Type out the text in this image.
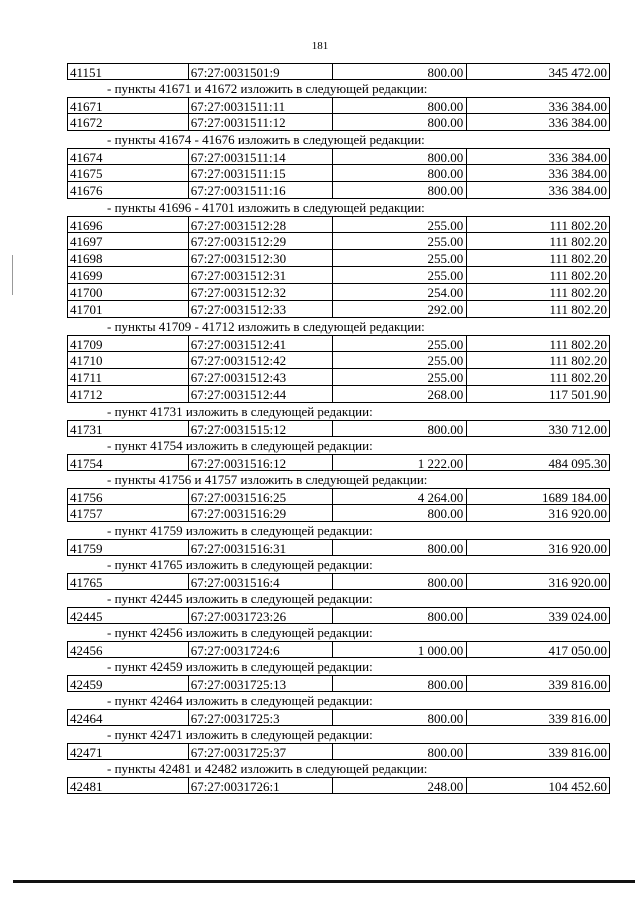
181
41151	67:27:0031501:9	800.00	345 472.00
- пункты 41671 и 41672 изложить в следующей редакции:
41671	67:27:0031511:11	800.00	336 384.00
41672	67:27:0031511:12	800.00	336 384.00
- пункты 41674 - 41676 изложить в следующей редакции:
41674	67:27:0031511:14	800.00	336 384.00
41675	67:27:0031511:15	800.00	336 384.00
41676	67:27:0031511:16	800.00	336 384.00
- пункты 41696 - 41701 изложить в следующей редакции:
41696	67:27:0031512:28	255.00	111 802.20
41697	67:27:0031512:29	255.00	111 802.20
41698	67:27:0031512:30	255.00	111 802.20
41699	67:27:0031512:31	255.00	111 802.20
41700	67:27:0031512:32	254.00	111 802.20
41701	67:27:0031512:33	292.00	111 802.20
- пункты 41709 - 41712 изложить в следующей редакции:
41709	67:27:0031512:41	255.00	111 802.20
41710	67:27:0031512:42	255.00	111 802.20
41711	67:27:0031512:43	255.00	111 802.20
41712	67:27:0031512:44	268.00	117 501.90
- пункт 41731 изложить в следующей редакции:
41731	67:27:0031515:12	800.00	330 712.00
- пункт 41754 изложить в следующей редакции:
41754	67:27:0031516:12	1 222.00	484 095.30
- пункты 41756 и 41757 изложить в следующей редакции:
41756	67:27:0031516:25	4 264.00	1689 184.00
41757	67:27:0031516:29	800.00	316 920.00
- пункт 41759 изложить в следующей редакции:
41759	67:27:0031516:31	800.00	316 920.00
- пункт 41765 изложить в следующей редакции:
41765	67:27:0031516:4	800.00	316 920.00
- пункт 42445 изложить в следующей редакции:
42445	67:27:0031723:26	800.00	339 024.00
- пункт 42456 изложить в следующей редакции:
42456	67:27:0031724:6	1 000.00	417 050.00
- пункт 42459 изложить в следующей редакции:
42459	67:27:0031725:13	800.00	339 816.00
- пункт 42464 изложить в следующей редакции:
42464	67:27:0031725:3	800.00	339 816.00
- пункт 42471 изложить в следующей редакции:
42471	67:27:0031725:37	800.00	339 816.00
- пункты 42481 и 42482 изложить в следующей редакции:
42481	67:27:0031726:1	248.00	104 452.60
